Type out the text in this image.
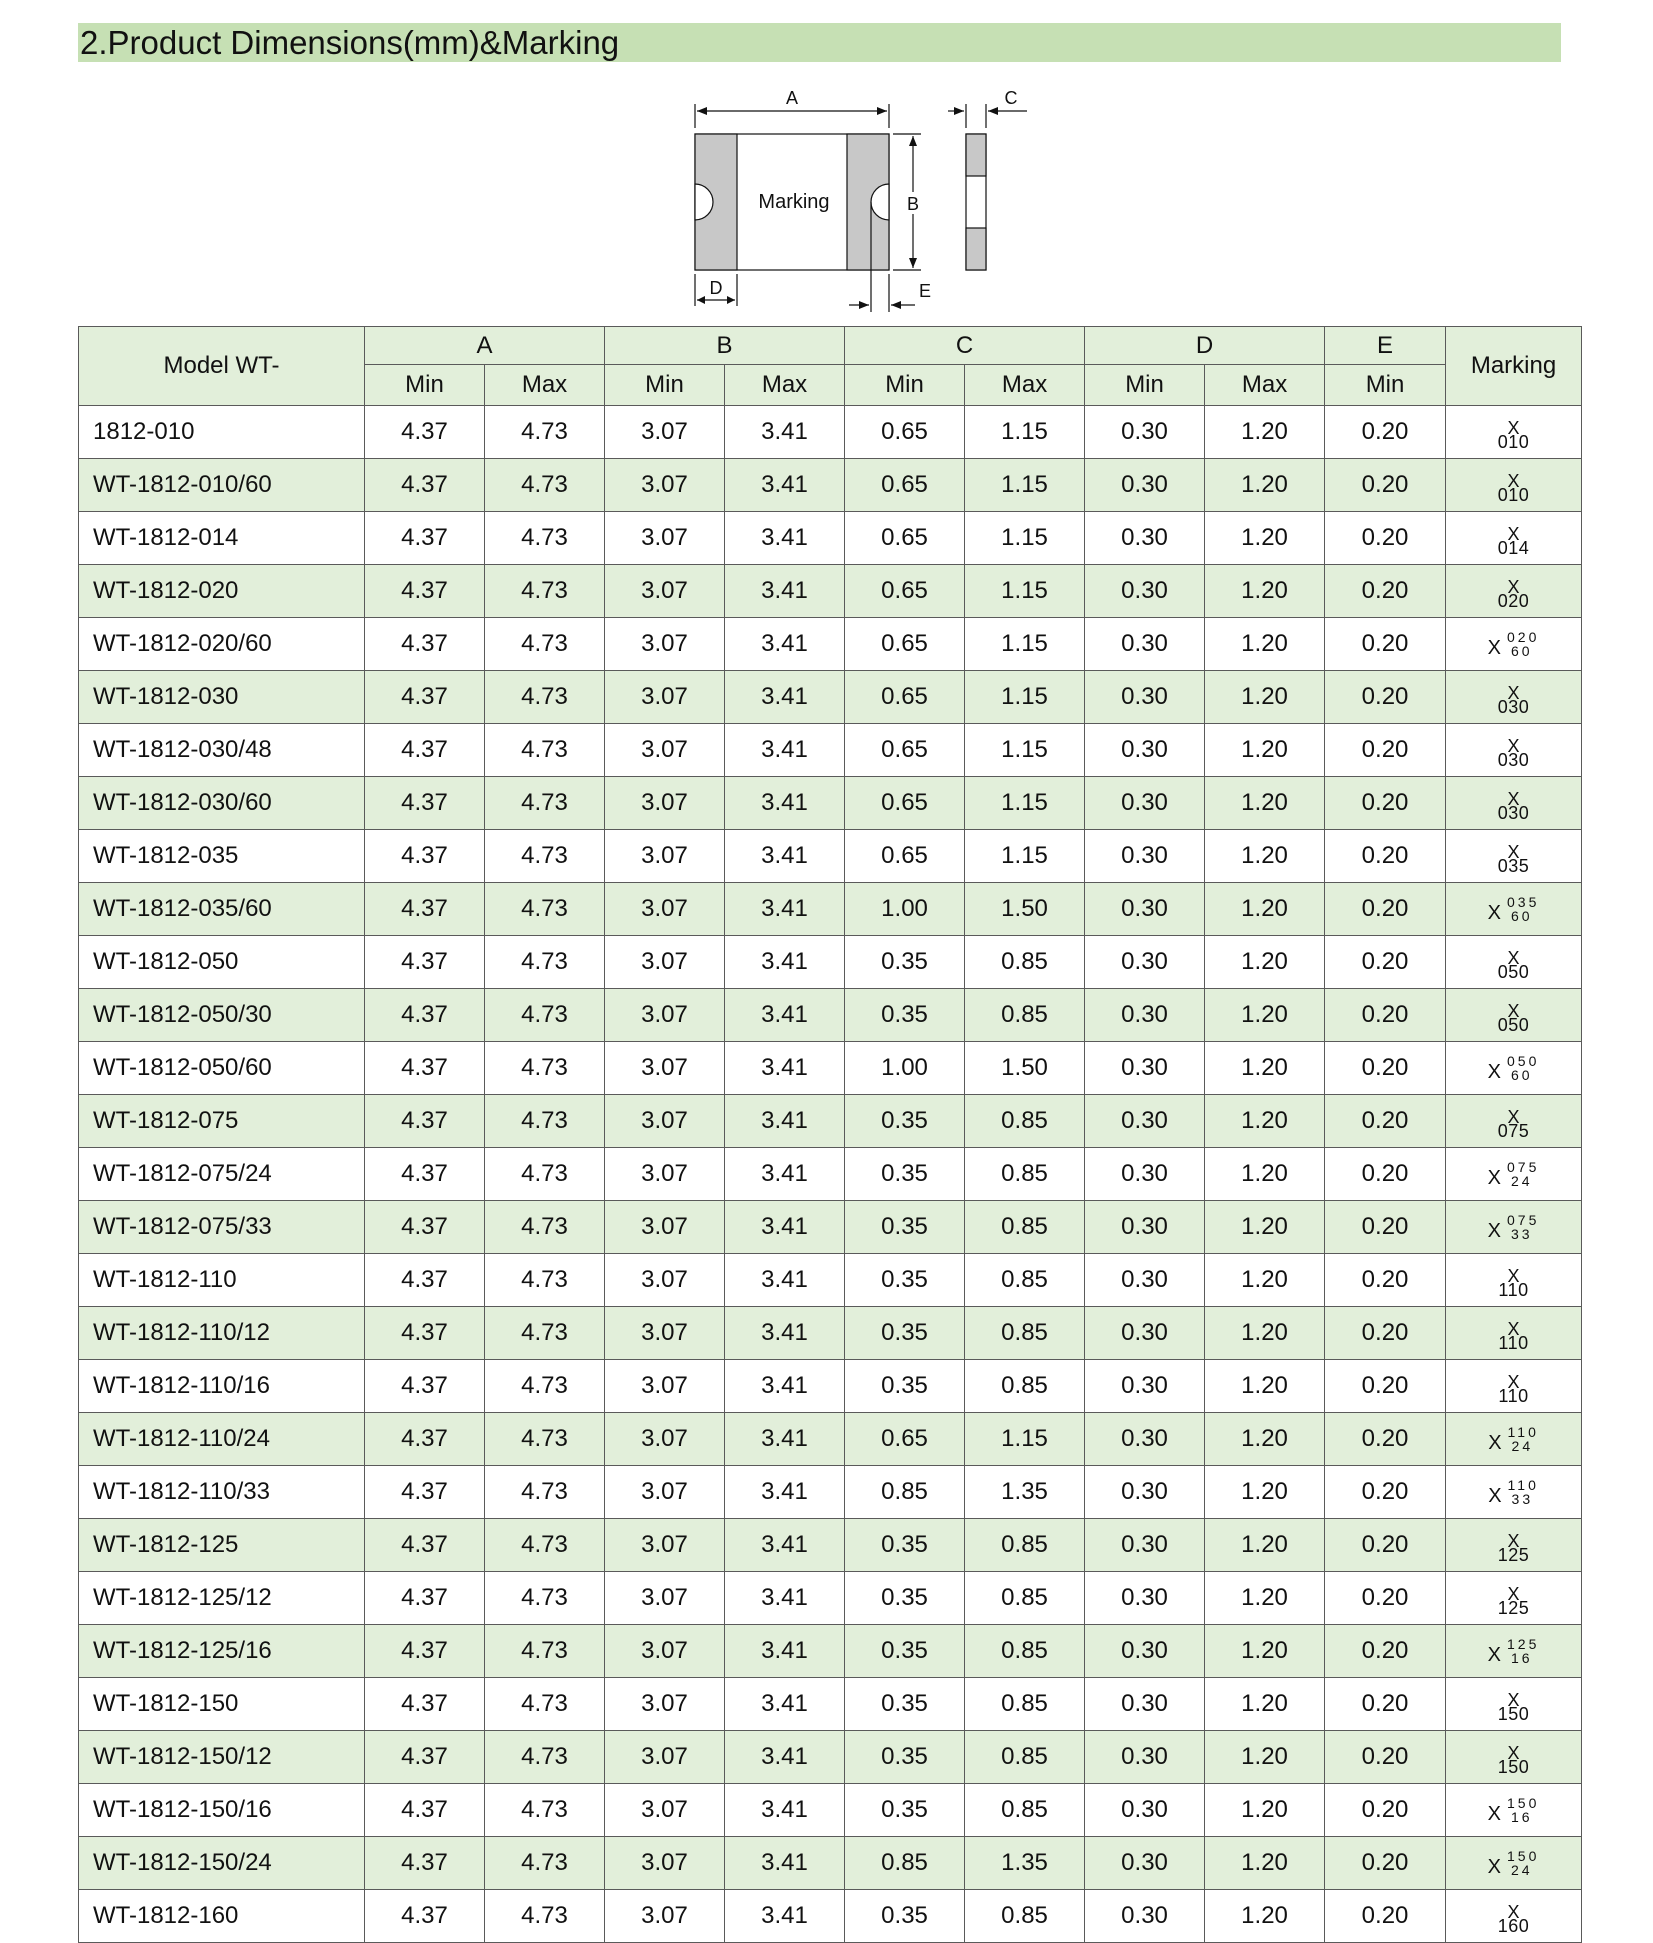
2.Product Dimensions(mm)&Marking
A
Marking	B
D	E
C
Model WT-	A		B		C		D		E	Marking
	Min	Max	Min	Max	Min	Max	Min	Max	Min	
1812-010	4.37	4.73	3.07	3.41	0.65	1.15	0.30	1.20	0.20	X
010

WT-1812-010/60	4.37	4.73	3.07	3.41	0.65	1.15	0.30	1.20	0.20	X
010

WT-1812-014	4.37	4.73	3.07	3.41	0.65	1.15	0.30	1.20	0.20	X
014

WT-1812-020	4.37	4.73	3.07	3.41	0.65	1.15	0.30	1.20	0.20	X
020

WT-1812-020/60	4.37	4.73	3.07	3.41	0.65	1.15	0.30	1.20	0.20	X 020
60

WT-1812-030	4.37	4.73	3.07	3.41	0.65	1.15	0.30	1.20	0.20	X
030

WT-1812-030/48	4.37	4.73	3.07	3.41	0.65	1.15	0.30	1.20	0.20	X
030

WT-1812-030/60	4.37	4.73	3.07	3.41	0.65	1.15	0.30	1.20	0.20	X
030

WT-1812-035	4.37	4.73	3.07	3.41	0.65	1.15	0.30	1.20	0.20	X
035

WT-1812-035/60	4.37	4.73	3.07	3.41	1.00	1.50	0.30	1.20	0.20	X 035
60

WT-1812-050	4.37	4.73	3.07	3.41	0.35	0.85	0.30	1.20	0.20	X
050

WT-1812-050/30	4.37	4.73	3.07	3.41	0.35	0.85	0.30	1.20	0.20	X
050

WT-1812-050/60	4.37	4.73	3.07	3.41	1.00	1.50	0.30	1.20	0.20	X 050
60

WT-1812-075	4.37	4.73	3.07	3.41	0.35	0.85	0.30	1.20	0.20	X
075

WT-1812-075/24	4.37	4.73	3.07	3.41	0.35	0.85	0.30	1.20	0.20	X 075
24

WT-1812-075/33	4.37	4.73	3.07	3.41	0.35	0.85	0.30	1.20	0.20	X 075
33

WT-1812-110	4.37	4.73	3.07	3.41	0.35	0.85	0.30	1.20	0.20	X
110

WT-1812-110/12	4.37	4.73	3.07	3.41	0.35	0.85	0.30	1.20	0.20	X
110

WT-1812-110/16	4.37	4.73	3.07	3.41	0.35	0.85	0.30	1.20	0.20	X
110

WT-1812-110/24	4.37	4.73	3.07	3.41	0.65	1.15	0.30	1.20	0.20	X 110
24

WT-1812-110/33	4.37	4.73	3.07	3.41	0.85	1.35	0.30	1.20	0.20	X 110
33

WT-1812-125	4.37	4.73	3.07	3.41	0.35	0.85	0.30	1.20	0.20	X
125

WT-1812-125/12	4.37	4.73	3.07	3.41	0.35	0.85	0.30	1.20	0.20	X
125

WT-1812-125/16	4.37	4.73	3.07	3.41	0.35	0.85	0.30	1.20	0.20	X 125
16

WT-1812-150	4.37	4.73	3.07	3.41	0.35	0.85	0.30	1.20	0.20	X
150

WT-1812-150/12	4.37	4.73	3.07	3.41	0.35	0.85	0.30	1.20	0.20	X
150

WT-1812-150/16	4.37	4.73	3.07	3.41	0.35	0.85	0.30	1.20	0.20	X 150
16

WT-1812-150/24	4.37	4.73	3.07	3.41	0.85	1.35	0.30	1.20	0.20	X 150
24

WT-1812-160	4.37	4.73	3.07	3.41	0.35	0.85	0.30	1.20	0.20	X
160
